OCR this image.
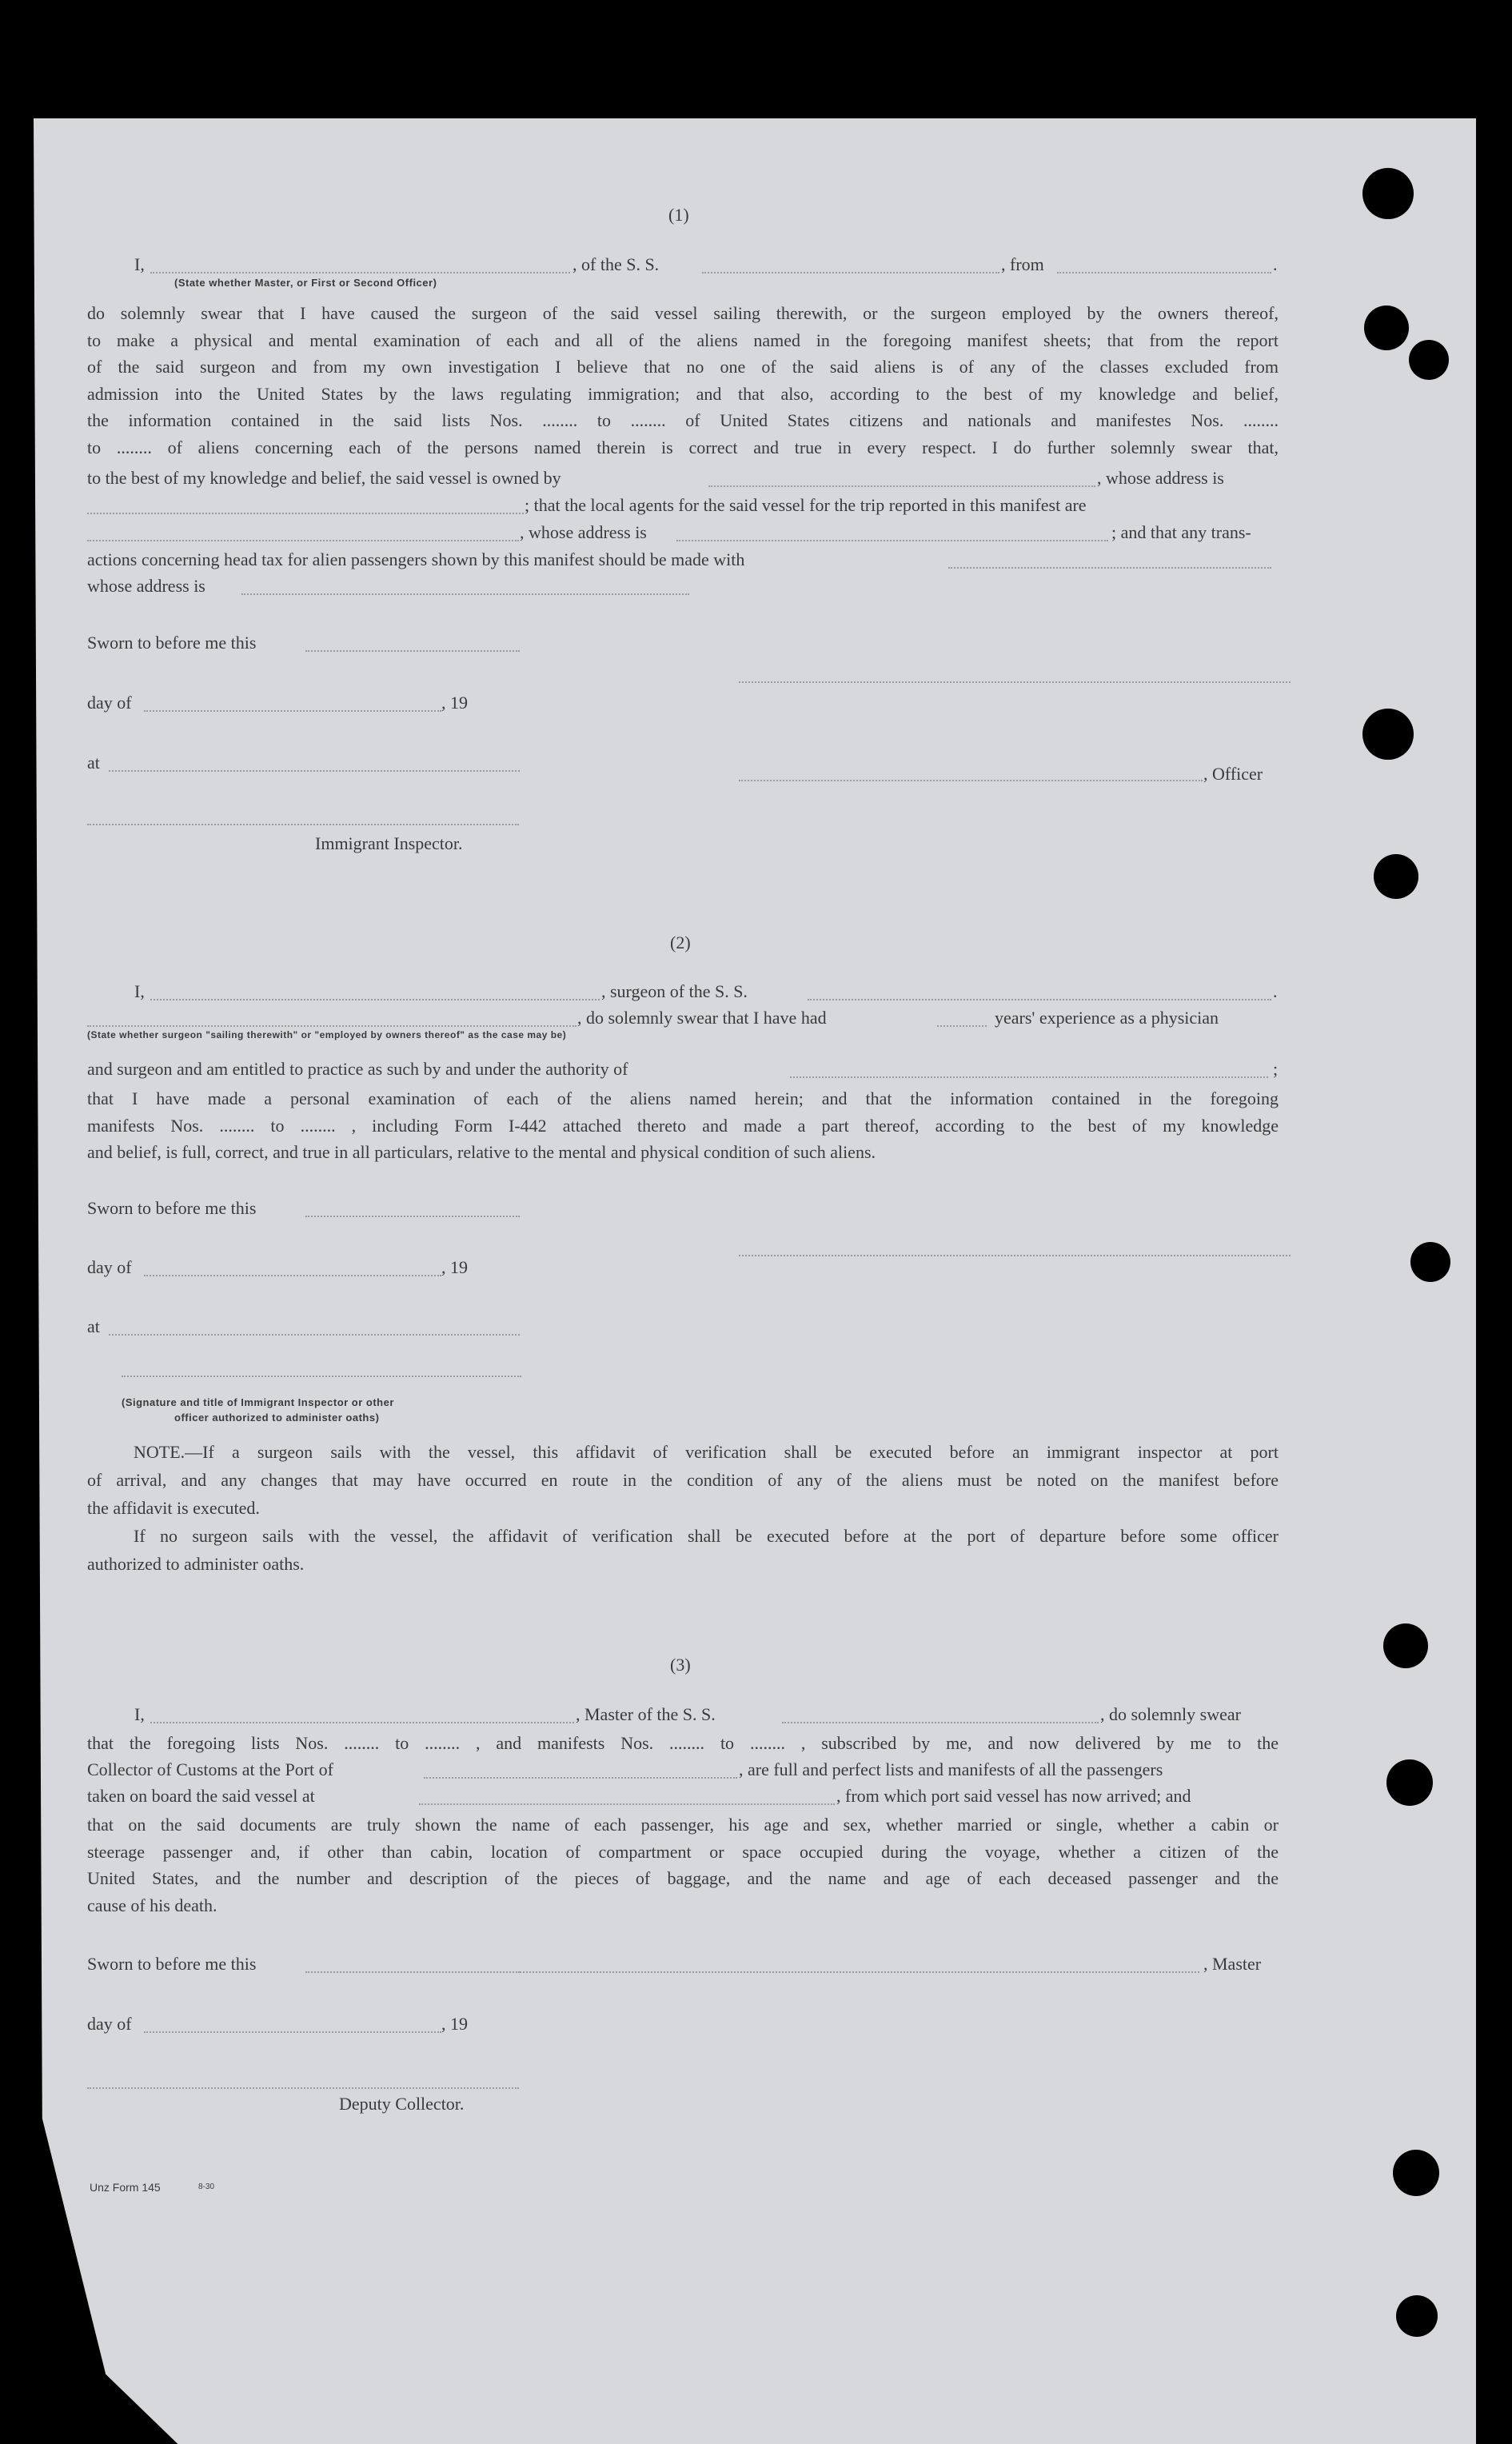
(1)
I,	, of the S. S.	, from	.
(State whether Master, or First or Second Officer)
do solemnly swear that I have caused the surgeon of the said vessel sailing therewith, or the surgeon employed by the owners thereof,
to make a physical and mental examination of each and all of the aliens named in the foregoing manifest sheets; that from the report
of the said surgeon and from my own investigation I believe that no one of the said aliens is of any of the classes excluded from
admission into the United States by the laws regulating immigration; and that also, according to the best of my knowledge and belief,
the information contained in the said lists Nos. ........ to ........ of United States citizens and nationals and manifestes Nos. ........
to ........ of aliens concerning each of the persons named therein is correct and true in every respect. I do further solemnly swear that,
to the best of my knowledge and belief, the said vessel is owned by	, whose address is
; that the local agents for the said vessel for the trip reported in this manifest are
, whose address is	; and that any trans-
actions concerning head tax for alien passengers shown by this manifest should be made with
whose address is
Sworn to before me this
day of	, 19
at
, Officer
Immigrant Inspector.
(2)
I,	, surgeon of the S. S.	.
, do solemnly swear that I have had	years' experience as a physician
(State whether surgeon "sailing therewith" or "employed by owners thereof" as the case may be)
and surgeon and am entitled to practice as such by and under the authority of	;
that I have made a personal examination of each of the aliens named herein; and that the information contained in the foregoing
manifests Nos. ........ to ........ , including Form I-442 attached thereto and made a part thereof, according to the best of my knowledge
and belief, is full, correct, and true in all particulars, relative to the mental and physical condition of such aliens.
Sworn to before me this
day of	, 19
at
(Signature and title of Immigrant Inspector or other
officer authorized to administer oaths)
NOTE.—If a surgeon sails with the vessel, this affidavit of verification shall be executed before an immigrant inspector at port
of arrival, and any changes that may have occurred en route in the condition of any of the aliens must be noted on the manifest before
the affidavit is executed.
If no surgeon sails with the vessel, the affidavit of verification shall be executed before at the port of departure before some officer
authorized to administer oaths.
(3)
I,	, Master of the S. S.	, do solemnly swear
that the foregoing lists Nos. ........ to ........ , and manifests Nos. ........ to ........ , subscribed by me, and now delivered by me to the
Collector of Customs at the Port of	, are full and perfect lists and manifests of all the passengers
taken on board the said vessel at	, from which port said vessel has now arrived; and
that on the said documents are truly shown the name of each passenger, his age and sex, whether married or single, whether a cabin or
steerage passenger and, if other than cabin, location of compartment or space occupied during the voyage, whether a citizen of the
United States, and the number and description of the pieces of baggage, and the name and age of each deceased passenger and the
cause of his death.
Sworn to before me this	, Master
day of	, 19
Deputy Collector.
Unz Form 145	8-30
